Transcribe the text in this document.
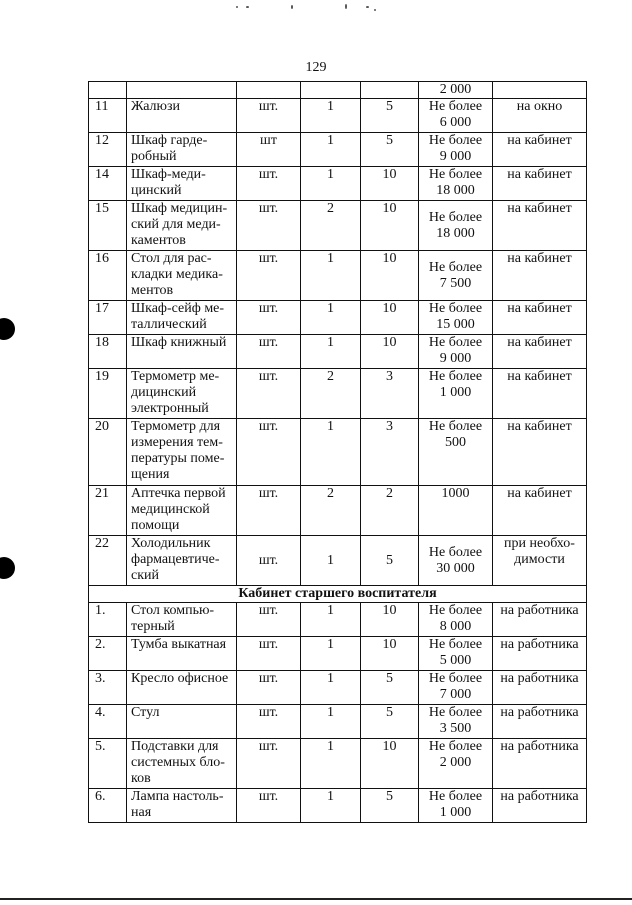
129
					2 000	

11	Жалюзи	шт.	1	5	Не более
6 000	на окно

12	Шкаф гарде-
робный	шт	1	5	Не более
9 000	на кабинет

14	Шкаф-меди-
цинский	шт.	1	10	Не более
18 000	на кабинет

15	Шкаф медицин-
ский для меди-
каментов	шт.	2	10	Не более
18 000	на кабинет

16	Стол для рас-
кладки медика-
ментов	шт.	1	10	Не более
7 500	на кабинет

17	Шкаф-сейф ме-
таллический	шт.	1	10	Не более
15 000	на кабинет

18	Шкаф книжный	шт.	1	10	Не более
9 000	на кабинет

19	Термометр ме-
дицинский
электронный	шт.	2	3	Не более
1 000	на кабинет

20	Термометр для
измерения тем-
пературы поме-
щения	шт.	1	3	Не более
500	на кабинет

21	Аптечка первой
медицинской
помощи	шт.	2	2	1000	на кабинет

22	Холодильник
фармацевтиче-
ский	шт.	1	5	Не более
30 000	при необхо-
димости

Кабинет старшего воспитателя						

1.	Стол компью-
терный	шт.	1	10	Не более
8 000	на работника

2.	Тумба выкатная	шт.	1	10	Не более
5 000	на работника

3.	Кресло офисное	шт.	1	5	Не более
7 000	на работника

4.	Стул	шт.	1	5	Не более
3 500	на работника

5.	Подставки для
системных бло-
ков	шт.	1	10	Не более
2 000	на работника

6.	Лампа настоль-
ная	шт.	1	5	Не более
1 000	на работника
